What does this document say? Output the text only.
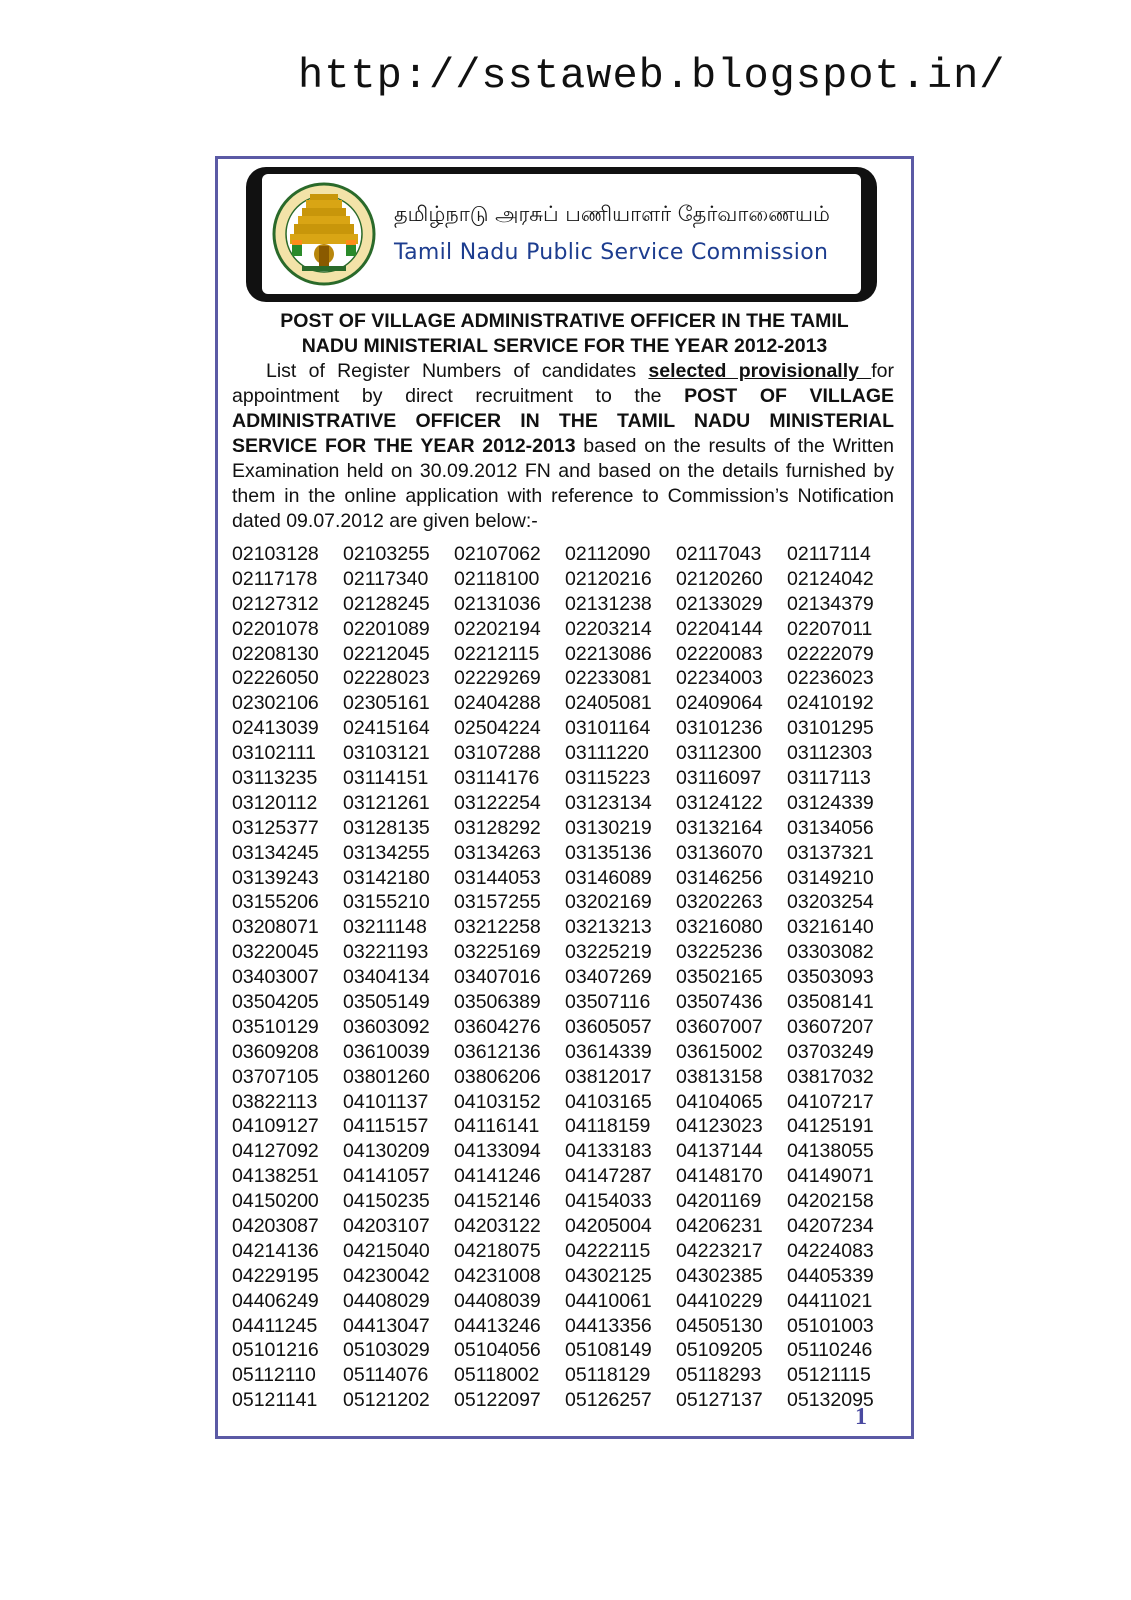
http://sstaweb.blogspot.in/
தமிழ்நாடு அரசுப் பணியாளர் தேர்வாணையம்
Tamil Nadu Public Service Commission
POST OF VILLAGE ADMINISTRATIVE OFFICER IN THE TAMIL
NADU MINISTERIAL SERVICE FOR THE YEAR 2012-2013
List of Register Numbers of candidates selected provisionally for appointment by direct recruitment to the POST OF VILLAGE ADMINISTRATIVE OFFICER IN THE TAMIL NADU MINISTERIAL SERVICE FOR THE YEAR 2012-2013 based on the results of the Written Examination held on 30.09.2012 FN and based on the details furnished by them in the online application with reference to Commission’s Notification dated 09.07.2012 are given below:-
02103128	02103255	02107062	02112090	02117043	02117114
02117178	02117340	02118100	02120216	02120260	02124042
02127312	02128245	02131036	02131238	02133029	02134379
02201078	02201089	02202194	02203214	02204144	02207011
02208130	02212045	02212115	02213086	02220083	02222079
02226050	02228023	02229269	02233081	02234003	02236023
02302106	02305161	02404288	02405081	02409064	02410192
02413039	02415164	02504224	03101164	03101236	03101295
03102111	03103121	03107288	03111220	03112300	03112303
03113235	03114151	03114176	03115223	03116097	03117113
03120112	03121261	03122254	03123134	03124122	03124339
03125377	03128135	03128292	03130219	03132164	03134056
03134245	03134255	03134263	03135136	03136070	03137321
03139243	03142180	03144053	03146089	03146256	03149210
03155206	03155210	03157255	03202169	03202263	03203254
03208071	03211148	03212258	03213213	03216080	03216140
03220045	03221193	03225169	03225219	03225236	03303082
03403007	03404134	03407016	03407269	03502165	03503093
03504205	03505149	03506389	03507116	03507436	03508141
03510129	03603092	03604276	03605057	03607007	03607207
03609208	03610039	03612136	03614339	03615002	03703249
03707105	03801260	03806206	03812017	03813158	03817032
03822113	04101137	04103152	04103165	04104065	04107217
04109127	04115157	04116141	04118159	04123023	04125191
04127092	04130209	04133094	04133183	04137144	04138055
04138251	04141057	04141246	04147287	04148170	04149071
04150200	04150235	04152146	04154033	04201169	04202158
04203087	04203107	04203122	04205004	04206231	04207234
04214136	04215040	04218075	04222115	04223217	04224083
04229195	04230042	04231008	04302125	04302385	04405339
04406249	04408029	04408039	04410061	04410229	04411021
04411245	04413047	04413246	04413356	04505130	05101003
05101216	05103029	05104056	05108149	05109205	05110246
05112110	05114076	05118002	05118129	05118293	05121115
05121141	05121202	05122097	05126257	05127137	05132095
1
